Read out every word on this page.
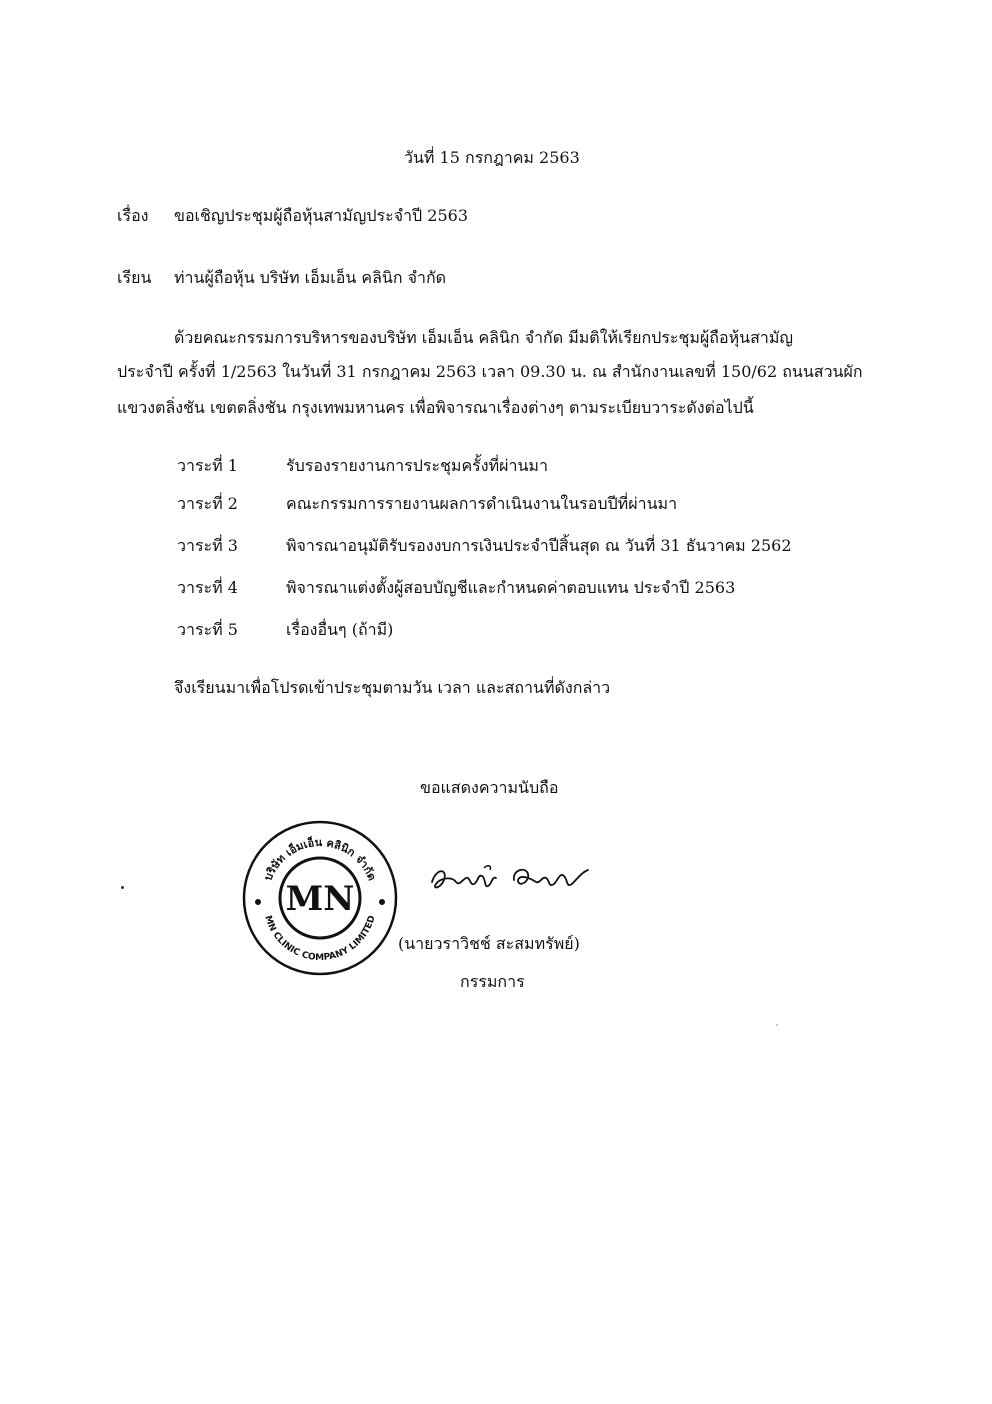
วันที่ 15 กรกฎาคม 2563
เรื่อง ขอเชิญประชุมผู้ถือหุ้นสามัญประจำปี 2563
เรียน ท่านผู้ถือหุ้น บริษัท เอ็มเอ็น คลินิก จำกัด
ด้วยคณะกรรมการบริหารของบริษัท เอ็มเอ็น คลินิก จำกัด มีมติให้เรียกประชุมผู้ถือหุ้นสามัญ
ประจำปี ครั้งที่ 1/2563 ในวันที่ 31 กรกฎาคม 2563 เวลา 09.30 น. ณ สำนักงานเลขที่ 150/62 ถนนสวนผัก
แขวงตลิ่งชัน เขตตลิ่งชัน กรุงเทพมหานคร เพื่อพิจารณาเรื่องต่างๆ ตามระเบียบวาระดังต่อไปนี้
วาระที่ 1	รับรองรายงานการประชุมครั้งที่ผ่านมา
วาระที่ 2	คณะกรรมการรายงานผลการดำเนินงานในรอบปีที่ผ่านมา
วาระที่ 3	พิจารณาอนุมัติรับรองงบการเงินประจำปีสิ้นสุด ณ วันที่ 31 ธันวาคม 2562
วาระที่ 4	พิจารณาแต่งตั้งผู้สอบบัญชีและกำหนดค่าตอบแทน ประจำปี 2563
วาระที่ 5	เรื่องอื่นๆ (ถ้ามี)
จึงเรียนมาเพื่อโปรดเข้าประชุมตามวัน เวลา และสถานที่ดังกล่าว
ขอแสดงความนับถือ
บริษัท เอ็มเอ็น คลินิก จำกัด
MN CLINIC COMPANY LIMITED
MN
(นายวราวิชช์ สะสมทรัพย์)
กรรมการ
